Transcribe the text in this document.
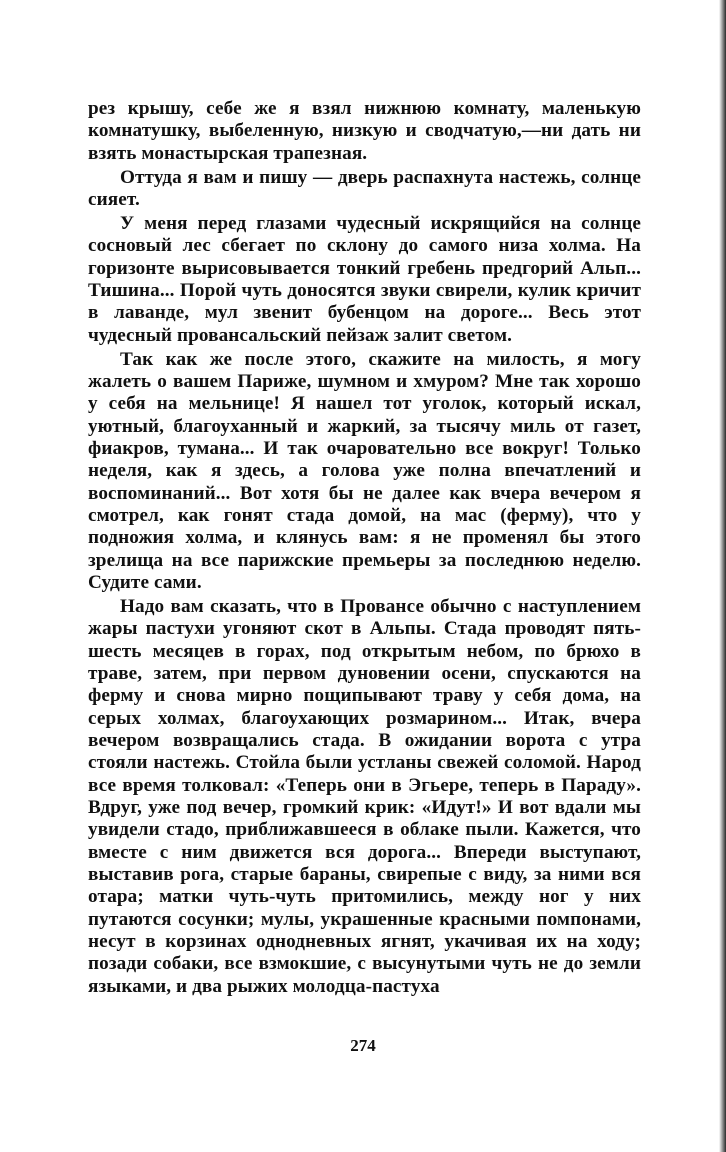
рез крышу, себе же я взял нижнюю комнату, маленькую комнатушку, выбеленную, низкую и сводчатую,—ни дать ни взять монастырская трапезная.

Оттуда я вам и пишу — дверь распахнута настежь, солнце сияет.

У меня перед глазами чудесный искрящийся на солнце сосновый лес сбегает по склону до самого низа холма. На горизонте вырисовывается тонкий гребень предгорий Альп... Тишина... Порой чуть доносятся звуки свирели, кулик кричит в лаванде, мул звенит бубенцом на дороге... Весь этот чудесный провансальский пейзаж залит светом.

Так как же после этого, скажите на милость, я могу жалеть о вашем Париже, шумном и хмуром? Мне так хорошо у себя на мельнице! Я нашел тот уголок, который искал, уютный, благоуханный и жаркий, за тысячу миль от газет, фиакров, тумана... И так очаровательно все вокруг! Только неделя, как я здесь, а голова уже полна впечатлений и воспоминаний... Вот хотя бы не далее как вчера вечером я смотрел, как гонят стада домой, на мас (ферму), что у подножия холма, и клянусь вам: я не променял бы этого зрелища на все парижские премьеры за последнюю неделю. Судите сами.

Надо вам сказать, что в Провансе обычно с наступлением жары пастухи угоняют скот в Альпы. Стада проводят пять-шесть месяцев в горах, под открытым небом, по брюхо в траве, затем, при первом дуновении осени, спускаются на ферму и снова мирно пощипывают траву у себя дома, на серых холмах, благоухающих розмарином... Итак, вчера вечером возвращались стада. В ожидании ворота с утра стояли настежь. Стойла были устланы свежей соломой. Народ все время толковал: «Теперь они в Эгьере, теперь в Параду». Вдруг, уже под вечер, громкий крик: «Идут!» И вот вдали мы увидели стадо, приближавшееся в облаке пыли. Кажется, что вместе с ним движется вся дорога... Впереди выступают, выставив рога, старые бараны, свирепые с виду, за ними вся отара; матки чуть-чуть притомились, между ног у них путаются сосунки; мулы, украшенные красными помпонами, несут в корзинах однодневных ягнят, укачивая их на ходу; позади собаки, все взмокшие, с высунутыми чуть не до земли языками, и два рыжих молодца-пастуха

274
